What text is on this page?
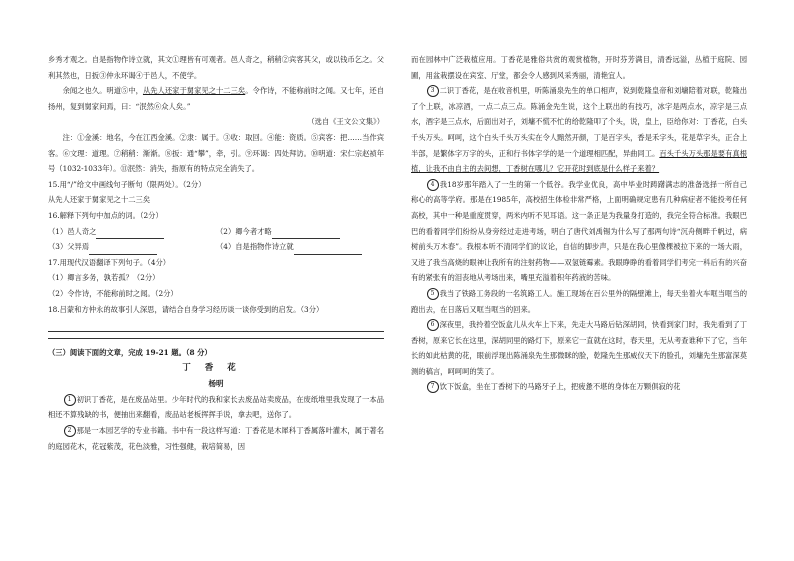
乡秀才观之。自是指物作诗立就，其文①理皆有可观者。邑人奇之，稍稍②宾客其父，或以钱币乞之。父利其然也，日扳③仲永环谒④于邑人，不使学。

余闻之也久。明道⑤中，从先人还家于舅家见之十二三矣。令作诗，不能称前时之闻。又七年，还自扬州，复到舅家问焉，曰：“泯然⑥众人矣。”

（选自《王文公文集》）

注：①金溪：地名，今在江西金溪。②隶：属于。③收：取回。④能：资质。⑤宾客：把……当作宾客。⑥文理：道理。⑦稍稍：渐渐。⑧扳：通“攀”，牵，引。⑨环谒：四处拜访。⑩明道：宋仁宗赵祯年号（1032-1033年）。⑪泯然：消失，指原有的特点完全消失了。

15.用“/”给文中画线句子断句（限两处）。（2分）

从先人还家于舅家见之十二三矣

16.解释下列句中加点的词。（2分）

（1）邑人奇之	（2）卿今者才略
（3）父异焉	（4）自是指物作诗立就

17.用现代汉语翻译下列句子。（4分）

（1）卿言多务，孰若孤？（2分）

（2）令作诗，不能称前时之闻。（2分）

18.吕蒙和方仲永的故事引人深思，请结合自身学习经历谈一谈你受到的启发。（3分）

（三）阅读下面的文章，完成 19-21 题。（8 分）

丁香花

杨明

1 初识丁香花，是在废品站里。少年时代的我和家长去废品站卖废品，在废纸堆里我发现了一本品相还不算残缺的书，便抽出来翻看，废品站老板挥挥手说，拿去吧，送你了。

2 那是一本园艺学的专业书籍。书中有一段这样写道：丁香花是木犀科丁香属落叶灌木，属于著名的庭园花木，花冠紫茂，花色淡雅，习性强健，栽培简易，因

而在园林中广泛栽植应用。丁香花是雅俗共赏的观赏植物，开时芬芳满目，清香远溢，丛植于庭院、园圃，用盆栽摆设在宾室、厅堂，都会令人感到风采秀丽，清艳宜人。

3 二识丁香花，是在收音机里，听陈涌泉先生的单口相声，说到乾隆皇帝和刘墉陪着对联，乾隆出了个上联，冰凉酒，一点二点三点。陈涌金先生说，这个上联出的有技巧，冰字是两点水，凉字是三点水，酒字是三点水，后面出对子，刘墉不慌不忙的给乾隆叩了个头，说，皇上，臣给你对：丁香花，白头千头万头。呵呵，这个白头千头万头实在令人黯然开颜，丁是百字头，香是禾字头，花是草字头，正合上半部，是繁体字万字的头，正和行书体字学的是一个道理相匹配，异曲同工。百头千头万头那是要有真根植，让我不由自主的去间想，丁香树在哪儿？它开花时到底是什么样子来着？

4 我18岁那年踏入了一生的第一个低谷。我学业优良，高中毕业时踌躇满志的准备选择一所自己称心的高等学府。那是在1985年，高校招生体检非常严格，上面明确规定患有几种病症者不能投考任何高校，其中一种是重度贯穿，两米内听不见耳语。这一条正是为我量身打造的，我完全符合标准。我眼巴巴的看着同学们纷纷从身旁经过走进考场，明白了唐代刘禹锡为什么写了那两句诗“沉舟侧畔千帆过，病树前头万木春”。我根本听不清同学们的议论，自信的脚步声，只是在我心里像棵被拉下来的一场大雨，又进了我当高烧的眼神让我所有的注射药物——双氢链霉素。我眼睁睁的看着同学们考完一科后有的兴奋有的紧张有的泪丧地从考场出来，嘴里充溢着积年药液的苦味。

5 我当了铁路工务段的一名筑路工人。施工现场在百公里外的隔壁滩上，每天坐着火车哐当哐当的跑出去，在日落后又哐当哐当的回来。

6 深夜里，我拎着空饭盒儿从火车上下来，先走大马路后钻深胡同，快看到家门时，我先看到了丁香树，原来它长在这里，深胡同里的路灯下，原来它一直就在这时，春天里，无从考查谁种下了它，当年长的如此枯黄的花，眼前浮现出陈涌泉先生那微眯的脸，乾隆先生那威仪天下的脸孔，刘墉先生那富深莫测的稿言，呵呵呵的笑了。

7 饮下饭盒，坐在丁香树下的马路牙子上，把疲惫不堪的身体在万颗俱寂的花
